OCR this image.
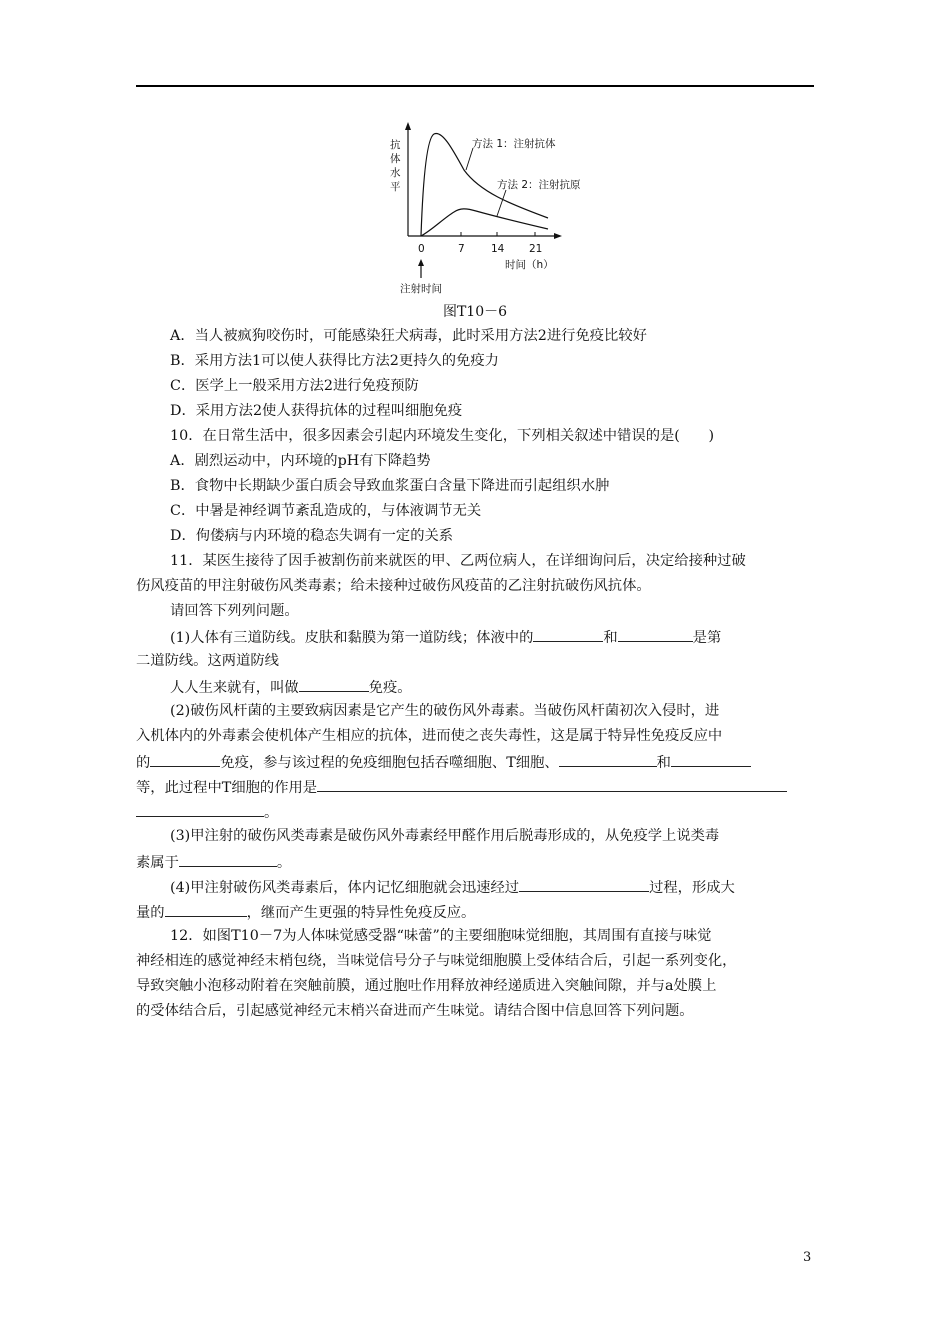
抗
体
水
平
方法 1：注射抗体
方法 2：注射抗原
0	7	14 21
时间（h）
注射时间
图T10－6
A．当人被疯狗咬伤时，可能感染狂犬病毒，此时采用方法2进行免疫比较好
B．采用方法1可以使人获得比方法2更持久的免疫力
C．医学上一般采用方法2进行免疫预防
D．采用方法2使人获得抗体的过程叫细胞免疫
10．在日常生活中，很多因素会引起内环境发生变化，下列相关叙述中错误的是(　　)
A．剧烈运动中，内环境的pH有下降趋势
B．食物中长期缺少蛋白质会导致血浆蛋白含量下降进而引起组织水肿
C．中暑是神经调节紊乱造成的，与体液调节无关
D．佝偻病与内环境的稳态失调有一定的关系
11．某医生接待了因手被割伤前来就医的甲、乙两位病人，在详细询问后，决定给接种过破
伤风疫苗的甲注射破伤风类毒素；给未接种过破伤风疫苗的乙注射抗破伤风抗体。
请回答下列列问题。
(1)人体有三道防线。皮肤和黏膜为第一道防线；体液中的	和	是第
二道防线。这两道防线
人人生来就有，叫做	免疫。
(2)破伤风杆菌的主要致病因素是它产生的破伤风外毒素。当破伤风杆菌初次入侵时，进
入机体内的外毒素会使机体产生相应的抗体，进而使之丧失毒性，这是属于特异性免疫反应中
的	免疫，参与该过程的免疫细胞包括吞噬细胞、T细胞、	和
等，此过程中T细胞的作用是
。
(3)甲注射的破伤风类毒素是破伤风外毒素经甲醛作用后脱毒形成的，从免疫学上说类毒
素属于	。
(4)甲注射破伤风类毒素后，体内记忆细胞就会迅速经过	过程，形成大
量的	，继而产生更强的特异性免疫反应。
12．如图T10－7为人体味觉感受器“味蕾”的主要细胞味觉细胞，其周围有直接与味觉
神经相连的感觉神经末梢包绕，当味觉信号分子与味觉细胞膜上受体结合后，引起一系列变化，
导致突触小泡移动附着在突触前膜，通过胞吐作用释放神经递质进入突触间隙，并与a处膜上
的受体结合后，引起感觉神经元末梢兴奋进而产生味觉。请结合图中信息回答下列问题。
3
